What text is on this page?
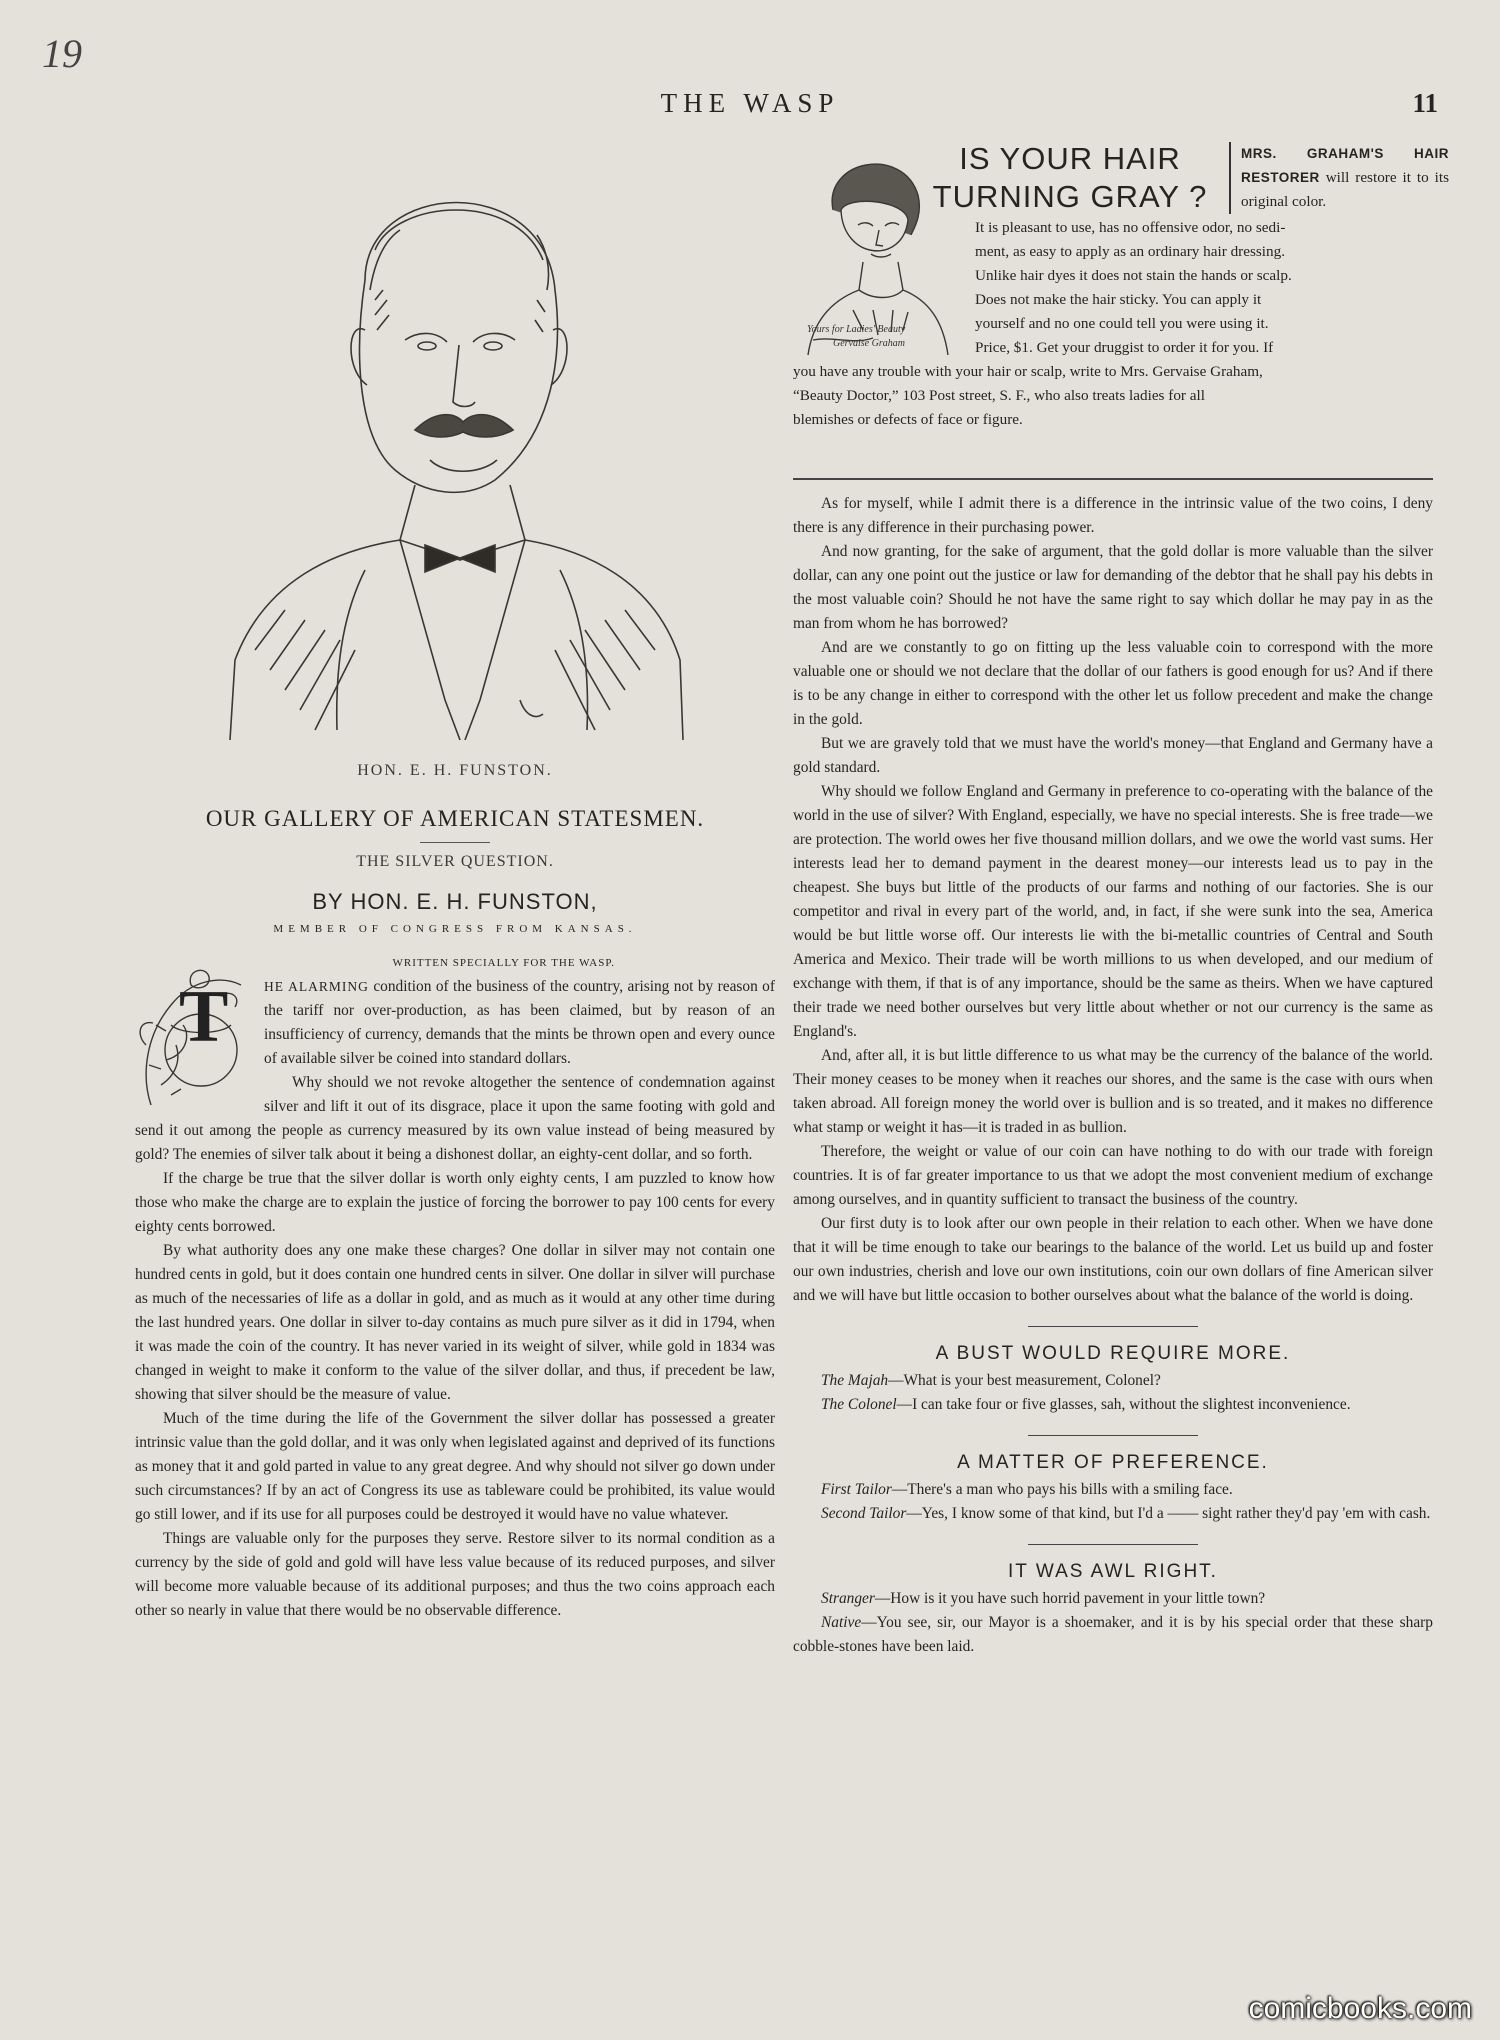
19
THE WASP	11
HON. E. H. FUNSTON.
OUR GALLERY OF AMERICAN STATESMEN.
THE SILVER QUESTION.
BY HON. E. H. FUNSTON,
MEMBER OF CONGRESS FROM KANSAS.
WRITTEN SPECIALLY FOR THE WASP.
T	HE ALARMING condition of the business of the country, arising not by reason of the tariff nor over-production, as has been claimed, but by reason of an insufficiency of currency, demands that the mints be thrown open and every ounce of available silver be coined into standard dollars.

Why should we not revoke altogether the sentence of condemnation against silver and lift it out of its disgrace, place it upon the same footing with gold and send it out among the people as currency measured by its own value instead of being measured by gold? The enemies of silver talk about it being a dishonest dollar, an eighty-cent dollar, and so forth.

If the charge be true that the silver dollar is worth only eighty cents, I am puzzled to know how those who make the charge are to explain the justice of forcing the borrower to pay 100 cents for every eighty cents borrowed.

By what authority does any one make these charges? One dollar in silver may not contain one hundred cents in gold, but it does contain one hundred cents in silver. One dollar in silver will purchase as much of the necessaries of life as a dollar in gold, and as much as it would at any other time during the last hundred years. One dollar in silver to-day contains as much pure silver as it did in 1794, when it was made the coin of the country. It has never varied in its weight of silver, while gold in 1834 was changed in weight to make it conform to the value of the silver dollar, and thus, if precedent be law, showing that silver should be the measure of value.

Much of the time during the life of the Government the silver dollar has possessed a greater intrinsic value than the gold dollar, and it was only when legislated against and deprived of its functions as money that it and gold parted in value to any great degree. And why should not silver go down under such circumstances? If by an act of Congress its use as tableware could be prohibited, its value would go still lower, and if its use for all purposes could be destroyed it would have no value whatever.

Things are valuable only for the purposes they serve. Restore silver to its normal condition as a currency by the side of gold and gold will have less value because of its reduced purposes, and silver will become more valuable because of its additional purposes; and thus the two coins approach each other so nearly in value that there would be no observable difference.

Yours for Ladies' Beauty
Gervaise Graham
IS YOUR HAIR
TURNING GRAY ?
MRS. GRAHAM'S HAIR RESTORER will restore it to its original color.
It is pleasant to use, has no offensive odor, no sedi-
ment, as easy to apply as an ordinary hair dressing.
Unlike hair dyes it does not stain the hands or scalp.
Does not make the hair sticky. You can apply it
yourself and no one could tell you were using it.
Price, $1. Get your druggist to order it for you. If
you have any trouble with your hair or scalp, write to Mrs. Gervaise Graham,
“Beauty Doctor,” 103 Post street, S. F., who also treats ladies for all
blemishes or defects of face or figure.

As for myself, while I admit there is a difference in the intrinsic value of the two coins, I deny there is any difference in their purchasing power.

And now granting, for the sake of argument, that the gold dollar is more valuable than the silver dollar, can any one point out the justice or law for demanding of the debtor that he shall pay his debts in the most valuable coin? Should he not have the same right to say which dollar he may pay in as the man from whom he has borrowed?

And are we constantly to go on fitting up the less valuable coin to correspond with the more valuable one or should we not declare that the dollar of our fathers is good enough for us? And if there is to be any change in either to correspond with the other let us follow precedent and make the change in the gold.

But we are gravely told that we must have the world's money—that England and Germany have a gold standard.

Why should we follow England and Germany in preference to co-operating with the balance of the world in the use of silver? With England, especially, we have no special interests. She is free trade—we are protection. The world owes her five thousand million dollars, and we owe the world vast sums. Her interests lead her to demand payment in the dearest money—our interests lead us to pay in the cheapest. She buys but little of the products of our farms and nothing of our factories. She is our competitor and rival in every part of the world, and, in fact, if she were sunk into the sea, America would be but little worse off. Our interests lie with the bi-metallic countries of Central and South America and Mexico. Their trade will be worth millions to us when developed, and our medium of exchange with them, if that is of any importance, should be the same as theirs. When we have captured their trade we need bother ourselves but very little about whether or not our currency is the same as England's.

And, after all, it is but little difference to us what may be the currency of the balance of the world. Their money ceases to be money when it reaches our shores, and the same is the case with ours when taken abroad. All foreign money the world over is bullion and is so treated, and it makes no difference what stamp or weight it has—it is traded in as bullion.

Therefore, the weight or value of our coin can have nothing to do with our trade with foreign countries. It is of far greater importance to us that we adopt the most convenient medium of exchange among ourselves, and in quantity sufficient to transact the business of the country.

Our first duty is to look after our own people in their relation to each other. When we have done that it will be time enough to take our bearings to the balance of the world. Let us build up and foster our own industries, cherish and love our own institutions, coin our own dollars of fine American silver and we will have but little occasion to bother ourselves about what the balance of the world is doing.

A BUST WOULD REQUIRE MORE.

The Majah—What is your best measurement, Colonel?

The Colonel—I can take four or five glasses, sah, without the slightest inconvenience.

A MATTER OF PREFERENCE.

First Tailor—There's a man who pays his bills with a smiling face.

Second Tailor—Yes, I know some of that kind, but I'd a —— sight rather they'd pay 'em with cash.

IT WAS AWL RIGHT.

Stranger—How is it you have such horrid pavement in your little town?

Native—You see, sir, our Mayor is a shoemaker, and it is by his special order that these sharp cobble-stones have been laid.

comicbooks.com
